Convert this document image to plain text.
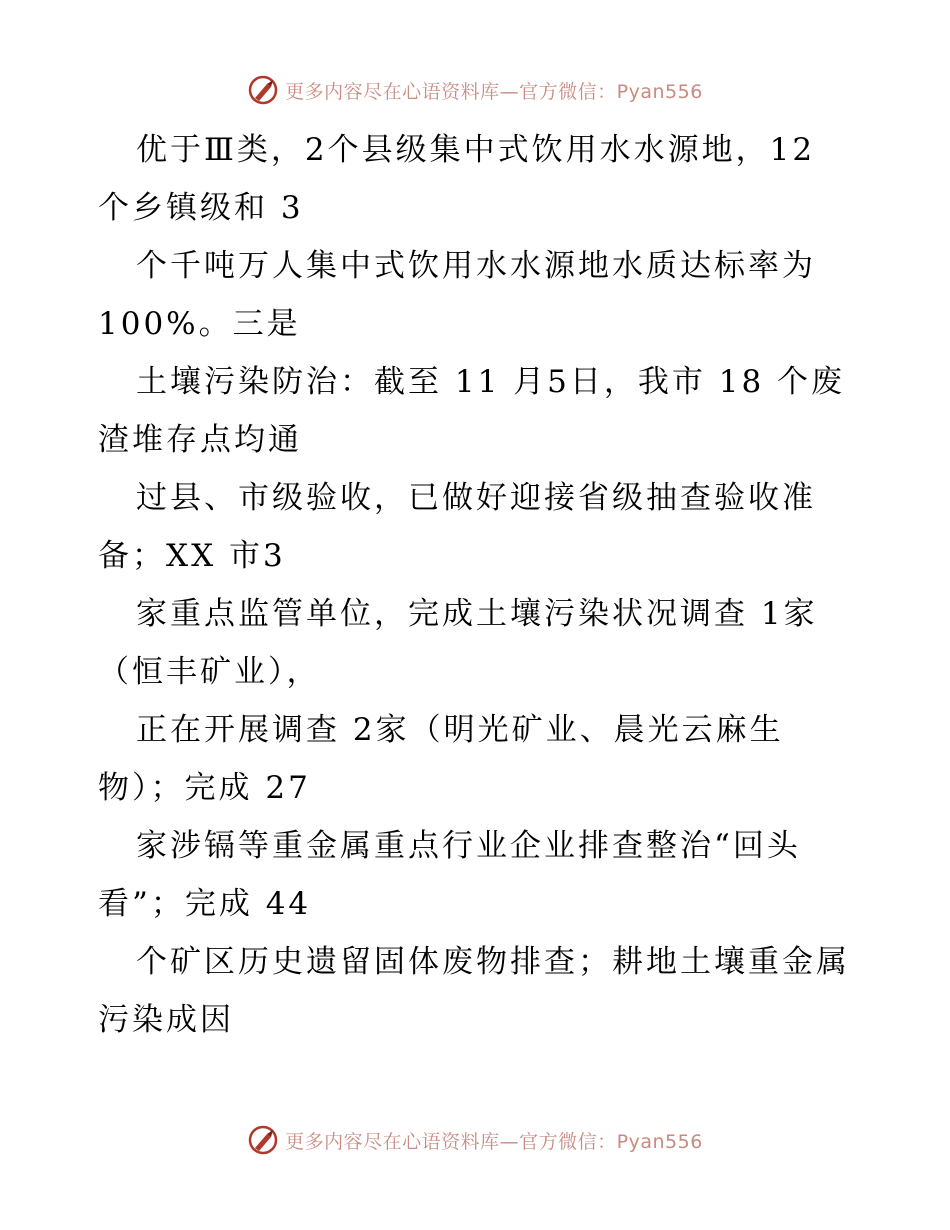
更多内容尽在心语资料库—官方微信：Pyan556
优于Ⅲ类，2个县级集中式饮用水水源地，12
个乡镇级和 3
个千吨万人集中式饮用水水源地水质达标率为
100%。三是
土壤污染防治：截至 11 月5日，我市 18 个废
渣堆存点均通
过县、市级验收，已做好迎接省级抽查验收准
备；XX 市3
家重点监管单位，完成土壤污染状况调查 1家
（恒丰矿业），
正在开展调查 2家（明光矿业、晨光云麻生
物）；完成 27
家涉镉等重金属重点行业企业排查整治“回头
看”；完成 44
个矿区历史遗留固体废物排查；耕地土壤重金属
污染成因
更多内容尽在心语资料库—官方微信：Pyan556
